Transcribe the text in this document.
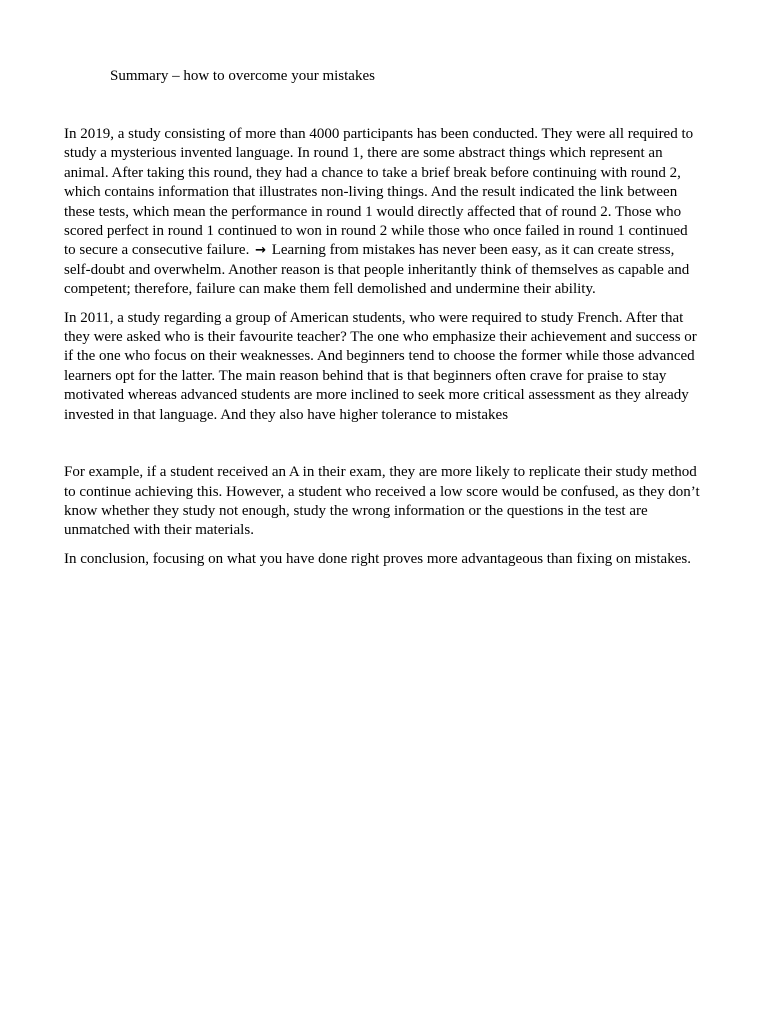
Summary – how to overcome your mistakes

In 2019, a study consisting of more than 4000 participants has been conducted. They were all required to study a mysterious invented language. In round 1, there are some abstract things which represent an animal. After taking this round, they had a chance to take a brief break before continuing with round 2, which contains information that illustrates non-living things. And the result indicated the link between these tests, which mean the performance in round 1 would directly affected that of round 2. Those who scored perfect in round 1 continued to won in round 2 while those who once failed in round 1 continued to secure a consecutive failure. → Learning from mistakes has never been easy, as it can create stress, self-doubt and overwhelm. Another reason is that people inheritantly think of themselves as capable and competent; therefore, failure can make them fell demolished and undermine their ability.

In 2011, a study regarding a group of American students, who were required to study French. After that they were asked who is their favourite teacher? The one who emphasize their achievement and success or if the one who focus on their weaknesses. And beginners tend to choose the former while those advanced learners opt for the latter. The main reason behind that is that beginners often crave for praise to stay motivated whereas advanced students are more inclined to seek more critical assessment as they already invested in that language. And they also have higher tolerance to mistakes

For example, if a student received an A in their exam, they are more likely to replicate their study method to continue achieving this. However, a student who received a low score would be confused, as they don’t know whether they study not enough, study the wrong information or the questions in the test are unmatched with their materials.

In conclusion, focusing on what you have done right proves more advantageous than fixing on mistakes.
